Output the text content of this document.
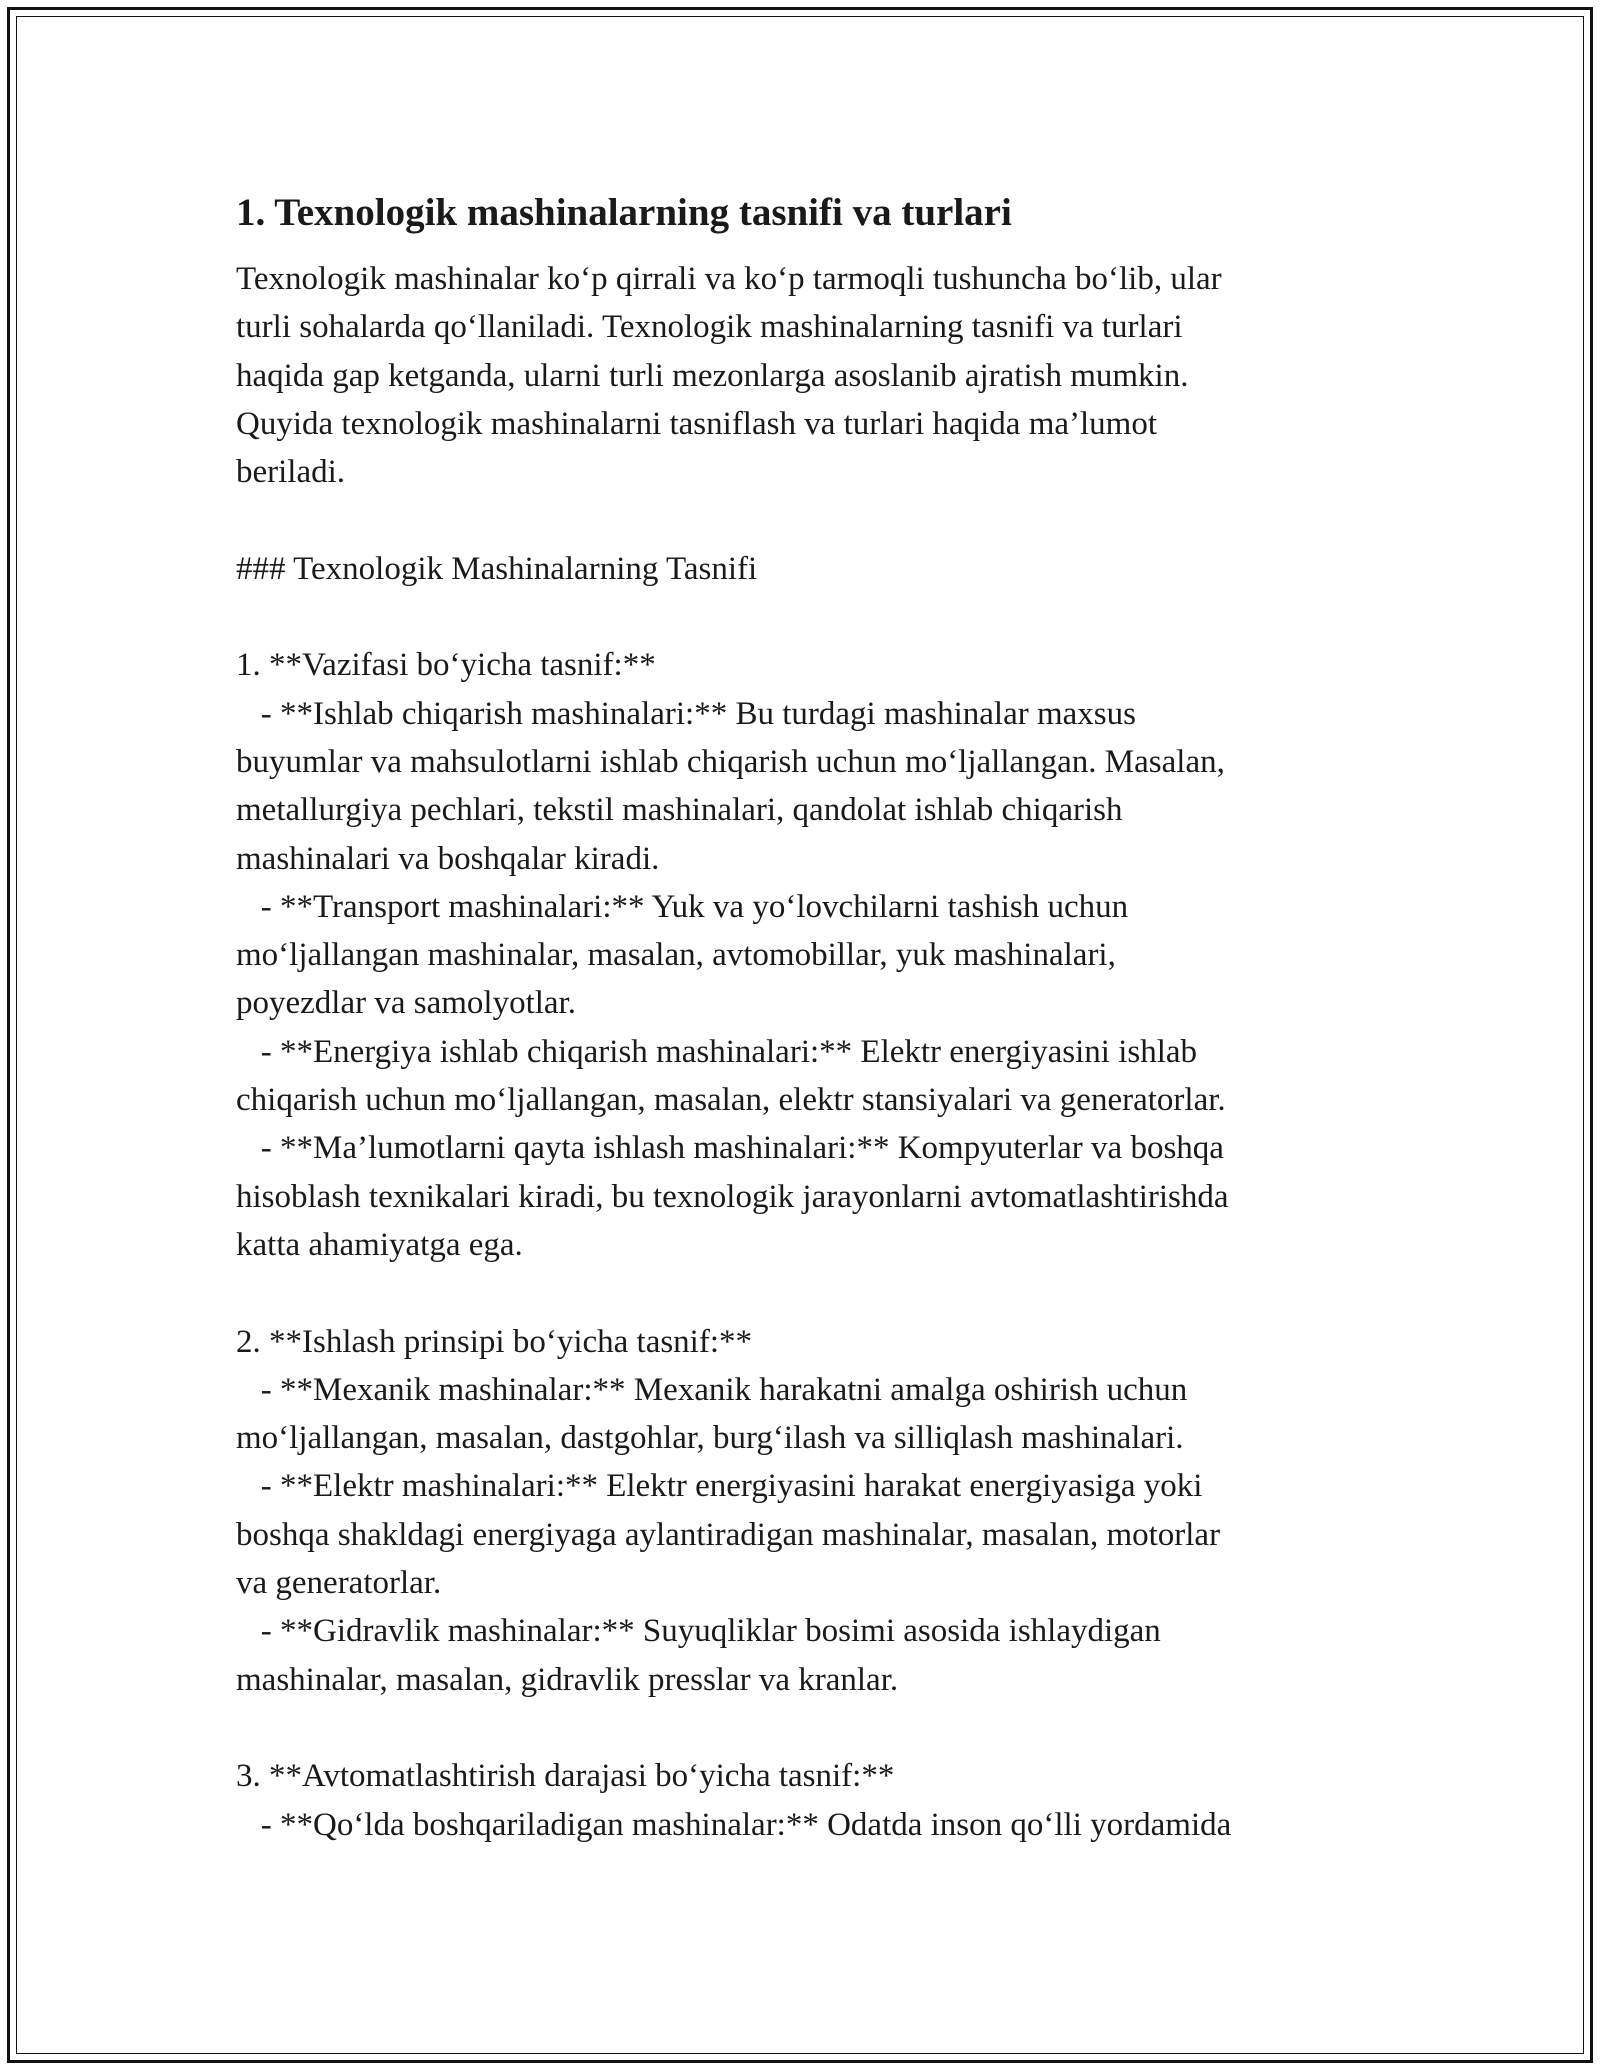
1. Texnologik mashinalarning tasnifi va turlari
Texnologik mashinalar ko‘p qirrali va ko‘p tarmoqli tushuncha bo‘lib, ular
turli sohalarda qo‘llaniladi. Texnologik mashinalarning tasnifi va turlari
haqida gap ketganda, ularni turli mezonlarga asoslanib ajratish mumkin.
Quyida texnologik mashinalarni tasniflash va turlari haqida ma’lumot
beriladi.
### Texnologik Mashinalarning Tasnifi
1. **Vazifasi bo‘yicha tasnif:**
- **Ishlab chiqarish mashinalari:** Bu turdagi mashinalar maxsus
buyumlar va mahsulotlarni ishlab chiqarish uchun mo‘ljallangan. Masalan,
metallurgiya pechlari, tekstil mashinalari, qandolat ishlab chiqarish
mashinalari va boshqalar kiradi.
- **Transport mashinalari:** Yuk va yo‘lovchilarni tashish uchun
mo‘ljallangan mashinalar, masalan, avtomobillar, yuk mashinalari,
poyezdlar va samolyotlar.
- **Energiya ishlab chiqarish mashinalari:** Elektr energiyasini ishlab
chiqarish uchun mo‘ljallangan, masalan, elektr stansiyalari va generatorlar.
- **Ma’lumotlarni qayta ishlash mashinalari:** Kompyuterlar va boshqa
hisoblash texnikalari kiradi, bu texnologik jarayonlarni avtomatlashtirishda
katta ahamiyatga ega.
2. **Ishlash prinsipi bo‘yicha tasnif:**
- **Mexanik mashinalar:** Mexanik harakatni amalga oshirish uchun
mo‘ljallangan, masalan, dastgohlar, burg‘ilash va silliqlash mashinalari.
- **Elektr mashinalari:** Elektr energiyasini harakat energiyasiga yoki
boshqa shakldagi energiyaga aylantiradigan mashinalar, masalan, motorlar
va generatorlar.
- **Gidravlik mashinalar:** Suyuqliklar bosimi asosida ishlaydigan
mashinalar, masalan, gidravlik presslar va kranlar.
3. **Avtomatlashtirish darajasi bo‘yicha tasnif:**
- **Qo‘lda boshqariladigan mashinalar:** Odatda inson qo‘lli yordamida
